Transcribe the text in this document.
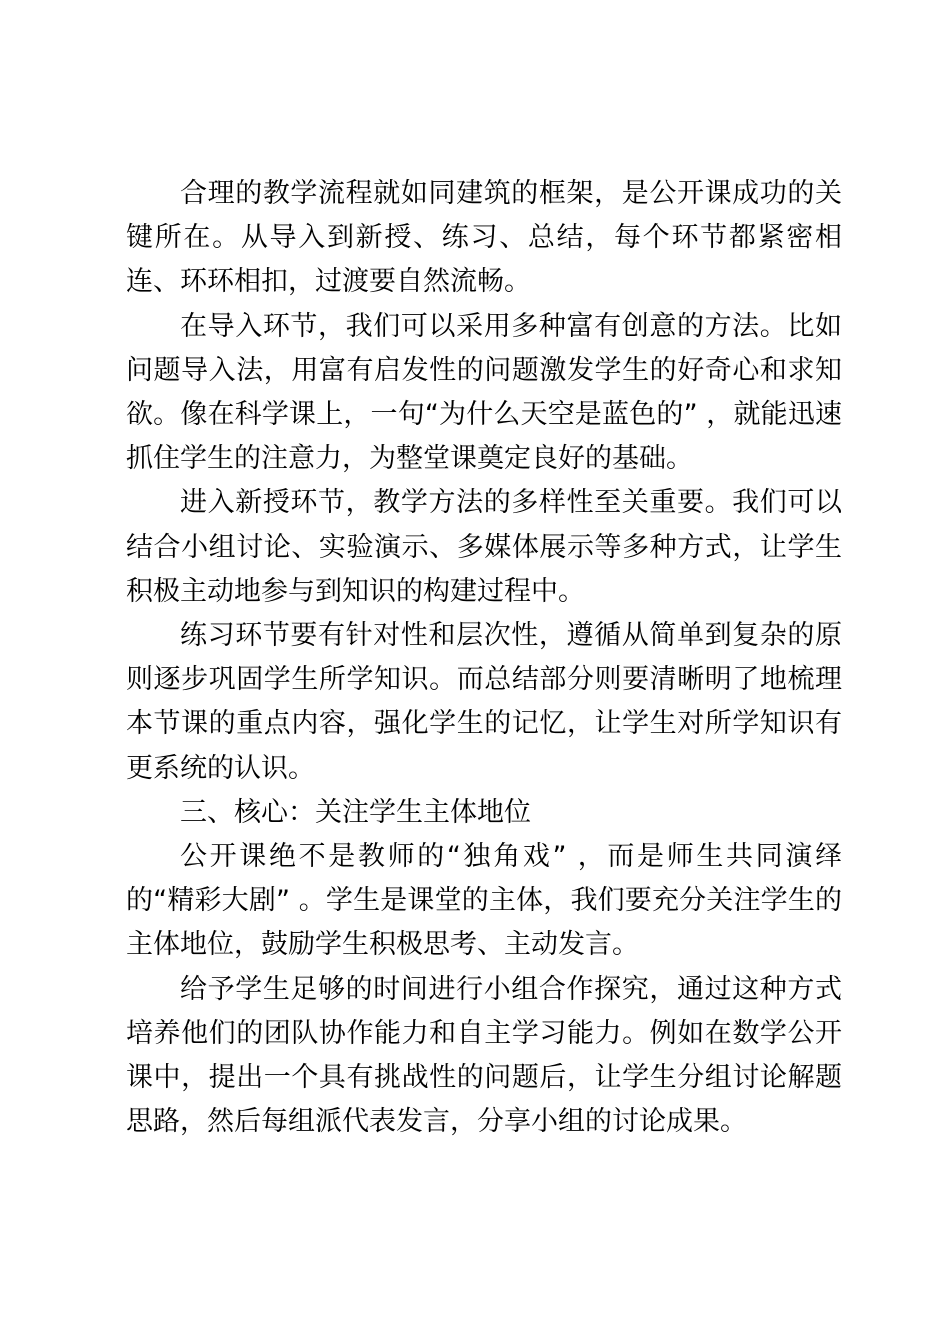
合理的教学流程就如同建筑的框架，是公开课成功的关键所在。从导入到新授、练习、总结，每个环节都紧密相连、环环相扣，过渡要自然流畅。

在导入环节，我们可以采用多种富有创意的方法。比如问题导入法，用富有启发性的问题激发学生的好奇心和求知欲。像在科学课上，一句“为什么天空是蓝色的” ，就能迅速抓住学生的注意力，为整堂课奠定良好的基础。

进入新授环节，教学方法的多样性至关重要。我们可以结合小组讨论、实验演示、多媒体展示等多种方式，让学生积极主动地参与到知识的构建过程中。

练习环节要有针对性和层次性，遵循从简单到复杂的原则逐步巩固学生所学知识。而总结部分则要清晰明了地梳理本节课的重点内容，强化学生的记忆，让学生对所学知识有更系统的认识。

三、核心：关注学生主体地位

公开课绝不是教师的“独角戏” ，而是师生共同演绎的“精彩大剧” 。学生是课堂的主体，我们要充分关注学生的主体地位，鼓励学生积极思考、主动发言。

给予学生足够的时间进行小组合作探究，通过这种方式培养他们的团队协作能力和自主学习能力。例如在数学公开课中，提出一个具有挑战性的问题后，让学生分组讨论解题思路，然后每组派代表发言，分享小组的讨论成果。
